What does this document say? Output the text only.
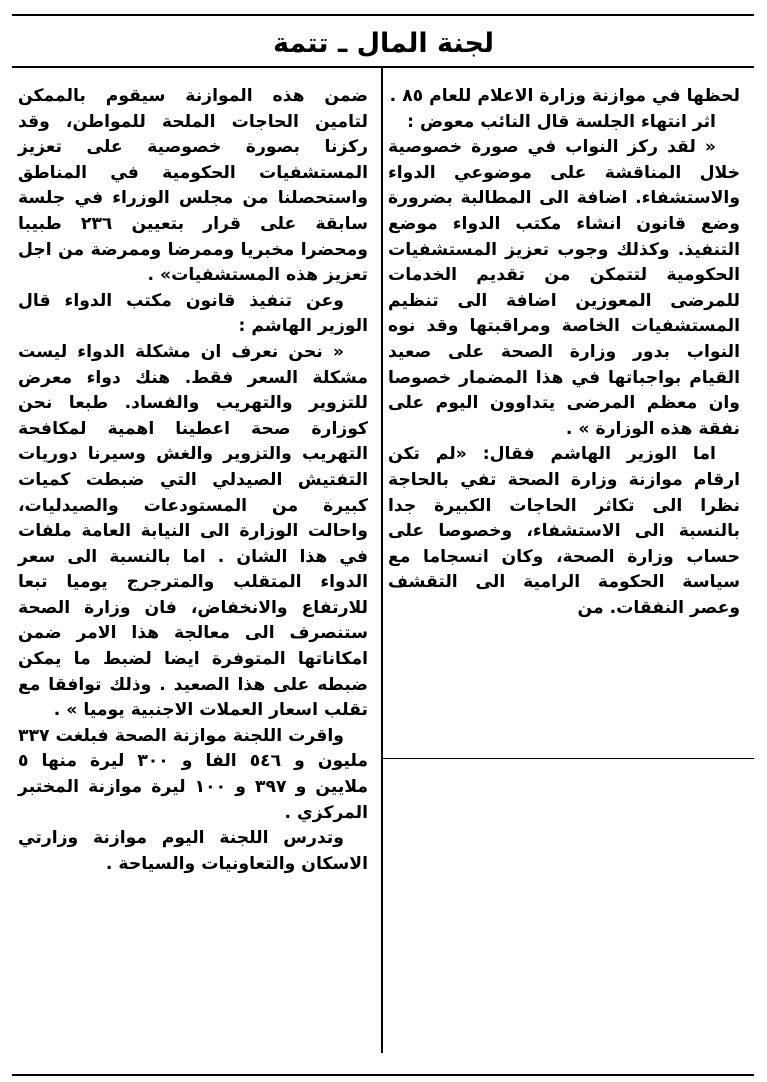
لجنة المال ـ تتمة

لحظها في موازنة وزارة الاعلام للعام ٨٥ .

اثر انتهاء الجلسة قال النائب معوض :

« لقد ركز النواب في صورة خصوصية خلال المناقشة على موضوعي الدواء والاستشفاء. اضافة الى المطالبة بضرورة وضع قانون انشاء مكتب الدواء موضع التنفيذ. وكذلك وجوب تعزيز المستشفيات الحكومية لتتمكن من تقديم الخدمات للمرضى المعوزين اضافة الى تنظيم المستشفيات الخاصة ومراقبتها وقد نوه النواب بدور وزارة الصحة على صعيد القيام بواجباتها في هذا المضمار خصوصا وان معظم المرضى يتداوون اليوم على نفقة هذه الوزارة » .

اما الوزير الهاشم فقال: «لم تكن ارقام موازنة وزارة الصحة تفي بالحاجة نظرا الى تكاثر الحاجات الكبيرة جدا بالنسبة الى الاستشفاء، وخصوصا على حساب وزارة الصحة، وكان انسجاما مع سياسة الحكومة الرامية الى التقشف وعصر النفقات. من

ضمن هذه الموازنة سيقوم بالممكن لتامين الحاجات الملحة للمواطن، وقد ركزنا بصورة خصوصية على تعزيز المستشفيات الحكومية في المناطق واستحصلنا من مجلس الوزراء في جلسة سابقة على قرار بتعيين ٢٣٦ طبيبا ومحضرا مخبريا وممرضا وممرضة من اجل تعزيز هذه المستشفيات» .

وعن تنفيذ قانون مكتب الدواء قال الوزير الهاشم :

« نحن نعرف ان مشكلة الدواء ليست مشكلة السعر فقط. هنك دواء معرض للتزوير والتهريب والفساد. طبعا نحن كوزارة صحة اعطينا اهمية لمكافحة التهريب والتزوير والغش وسيرنا دوريات التفتيش الصيدلي التي ضبطت كميات كبيرة من المستودعات والصيدليات، واحالت الوزارة الى النيابة العامة ملفات في هذا الشان . اما بالنسبة الى سعر الدواء المتقلب والمترجرج يوميا تبعا للارتفاع والانخفاض، فان وزارة الصحة ستنصرف الى معالجة هذا الامر ضمن امكاناتها المتوفرة ايضا لضبط ما يمكن ضبطه على هذا الصعيد . وذلك توافقا مع تقلب اسعار العملات الاجنبية يوميا » .

واقرت اللجنة موازنة الصحة فبلغت ٣٣٧ مليون و ٥٤٦ الفا و ٣٠٠ ليرة منها ٥ ملايين و ٣٩٧ و ١٠٠ ليرة موازنة المختبر المركزي .

وتدرس اللجنة اليوم موازنة وزارتي الاسكان والتعاونيات والسياحة .
